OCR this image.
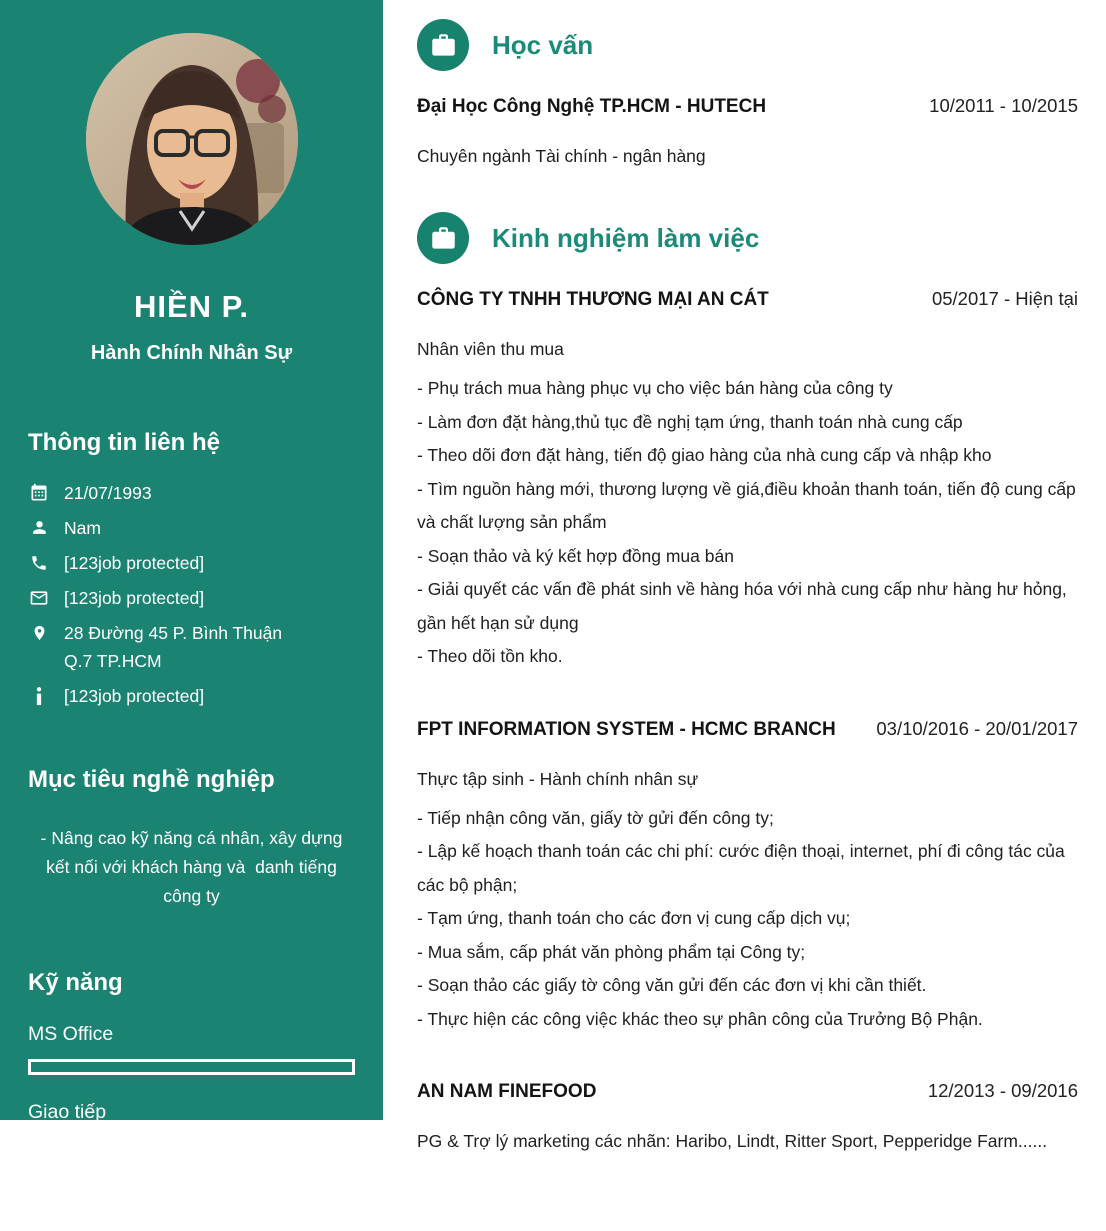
HIỀN P.
Hành Chính Nhân Sự
Thông tin liên hệ
21/07/1993
Nam
[123job protected]
[123job protected]
28 Đường 45 P. Bình Thuận Q.7 TP.HCM
[123job protected]
Mục tiêu nghề nghiệp
- Nâng cao kỹ năng cá nhân, xây dựng kết nối với khách hàng và  danh tiếng công ty
Kỹ năng
MS Office
Giao tiếp
Ngoại ngữ
Học vấn
Đại Học Công Nghệ TP.HCM - HUTECH	10/2011 - 10/2015
Chuyên ngành Tài chính - ngân hàng
Kinh nghiệm làm việc
CÔNG TY TNHH THƯƠNG MẠI AN CÁT	05/2017 - Hiện tại
Nhân viên thu mua
- Phụ trách mua hàng phục vụ cho việc bán hàng của công ty
- Làm đơn đặt hàng,thủ tục đề nghị tạm ứng, thanh toán nhà cung cấp
- Theo dõi đơn đặt hàng, tiến độ giao hàng của nhà cung cấp và nhập kho
- Tìm nguồn hàng mới, thương lượng về giá,điều khoản thanh toán, tiến độ cung cấp và chất lượng sản phẩm
- Soạn thảo và ký kết hợp đồng mua bán
- Giải quyết các vấn đề phát sinh về hàng hóa với nhà cung cấp như hàng hư hỏng, gần hết hạn sử dụng
- Theo dõi tồn kho.
FPT INFORMATION SYSTEM - HCMC BRANCH 03/10/2016 - 20/01/2017
Thực tập sinh - Hành chính nhân sự
- Tiếp nhận công văn, giấy tờ gửi đến công ty;
- Lập kế hoạch thanh toán các chi phí: cước điện thoại, internet, phí đi công tác của các bộ phận;
- Tạm ứng, thanh toán cho các đơn vị cung cấp dịch vụ;
- Mua sắm, cấp phát văn phòng phẩm tại Công ty;
- Soạn thảo các giấy tờ công văn gửi đến các đơn vị khi cần thiết.
- Thực hiện các công việc khác theo sự phân công của Trưởng Bộ Phận.
AN NAM FINEFOOD	12/2013 - 09/2016
PG & Trợ lý marketing các nhãn: Haribo, Lindt, Ritter Sport, Pepperidge Farm......
